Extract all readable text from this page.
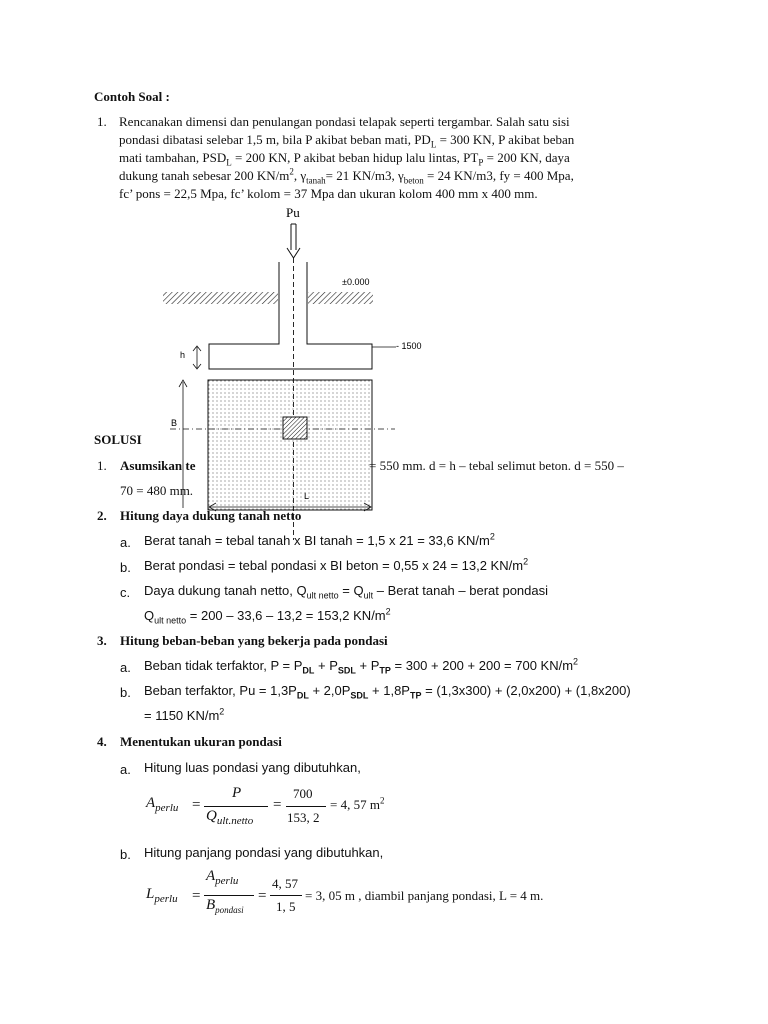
Contoh Soal :
1. Rencanakan dimensi dan penulangan pondasi telapak seperti tergambar. Salah satu sisi
pondasi dibatasi selebar 1,5 m, bila P akibat beban mati, $PD_L = 300$ KN, P akibat beban
mati tambahan, $PSD_L = 200$ KN, P akibat beban hidup lalu lintas, $PT_P = 200$ KN, daya
dukung tanah sebesar 200 $KN/m^2$, $\gamma_{tanah}= 21$ KN/m3, $\gamma_{beton} = 24$ KN/m3, fy = 400 Mpa,
fc’ pons = 22,5 Mpa, fc’ kolom = 37 Mpa dan ukuran kolom 400 mm x 400 mm.
Pu
±0.000
- 1500
h
B
L
SOLUSI
1. Asumsikan te	= 550 mm. d = h – tebal selimut beton. d = 550 –
70 = 480 mm.
2. Hitung daya dukung tanah netto
a. Berat tanah = tebal tanah x BI tanah = 1,5 x 21 = 33,6 $KN/m^2$
b. Berat pondasi = tebal pondasi x BI beton = 0,55 x 24 = 13,2 $KN/m^2$
c. Daya dukung tanah netto, $Q_{ult netto} = Q_{ult}$ – Berat tanah – berat pondasi
$Q_{ult netto} = 200 - 33,6 - 13,2 = 153,2$ $KN/m^2$
3. Hitung beban-beban yang bekerja pada pondasi
a. Beban tidak terfaktor, $P = P_{DL} + P_{SDL} + P_{TP} = 300 + 200 + 200 = 700$ $KN/m^2$
b. Beban terfaktor, $Pu = 1,3P_{DL} + 2,0P_{SDL} + 1,8P_{TP} = (1,3x300) + (2,0x200) + (1,8x200)$
= 1150 $KN/m^2$
4. Menentukan ukuran pondasi
a. Hitung luas pondasi yang dibutuhkan,
$A_{perlu}$ =
P
$Q_{ult.netto}$
=
700
153, 2
= 4, 57 $m^2$
b. Hitung panjang pondasi yang dibutuhkan,
$L_{perlu}$ =
$A_{perlu}$
$B_{pondasi}$
=
4, 57
1, 5
= 3, 05 m , diambil panjang pondasi, L = 4 m.
